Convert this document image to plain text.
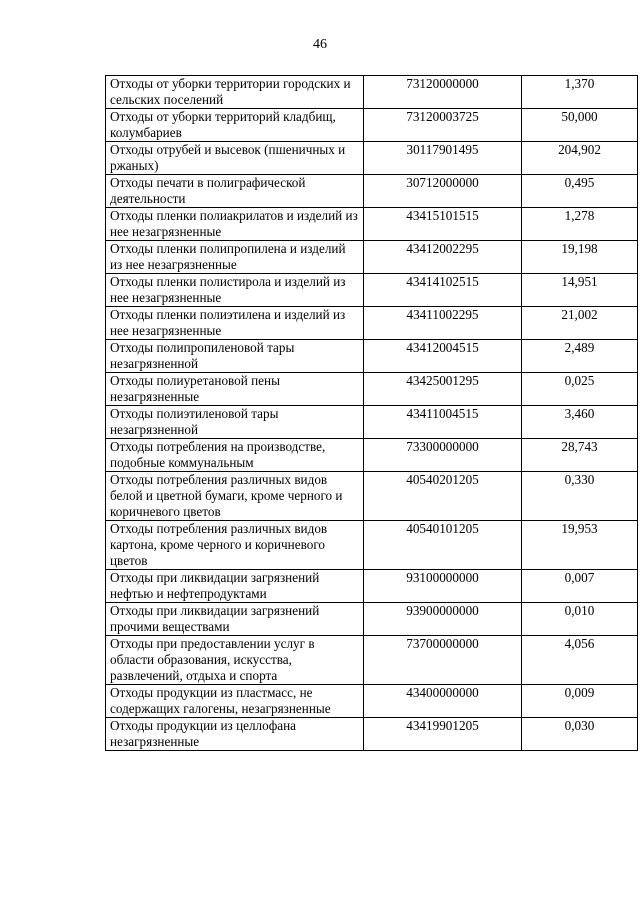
46
Отходы от уборки территории городских и сельских поселений	73120000000	1,370
Отходы от уборки территорий кладбищ, колумбариев	73120003725	50,000
Отходы отрубей и высевок (пшеничных и ржаных)	30117901495	204,902
Отходы печати в полиграфической деятельности	30712000000	0,495
Отходы пленки полиакрилатов и изделий из нее незагрязненные	43415101515	1,278
Отходы пленки полипропилена и изделий из нее незагрязненные	43412002295	19,198
Отходы пленки полистирола и изделий из нее незагрязненные	43414102515	14,951
Отходы пленки полиэтилена и изделий из нее незагрязненные	43411002295	21,002
Отходы полипропиленовой тары незагрязненной	43412004515	2,489
Отходы полиуретановой пены незагрязненные	43425001295	0,025
Отходы полиэтиленовой тары незагрязненной	43411004515	3,460
Отходы потребления на производстве, подобные коммунальным	73300000000	28,743
Отходы потребления различных видов белой и цветной бумаги, кроме черного и коричневого цветов	40540201205	0,330
Отходы потребления различных видов картона, кроме черного и коричневого цветов	40540101205	19,953
Отходы при ликвидации загрязнений нефтью и нефтепродуктами	93100000000	0,007
Отходы при ликвидации загрязнений прочими веществами	93900000000	0,010
Отходы при предоставлении услуг в области образования, искусства, развлечений, отдыха и спорта	73700000000	4,056
Отходы продукции из пластмасс, не содержащих галогены, незагрязненные	43400000000	0,009
Отходы продукции из целлофана незагрязненные	43419901205	0,030
